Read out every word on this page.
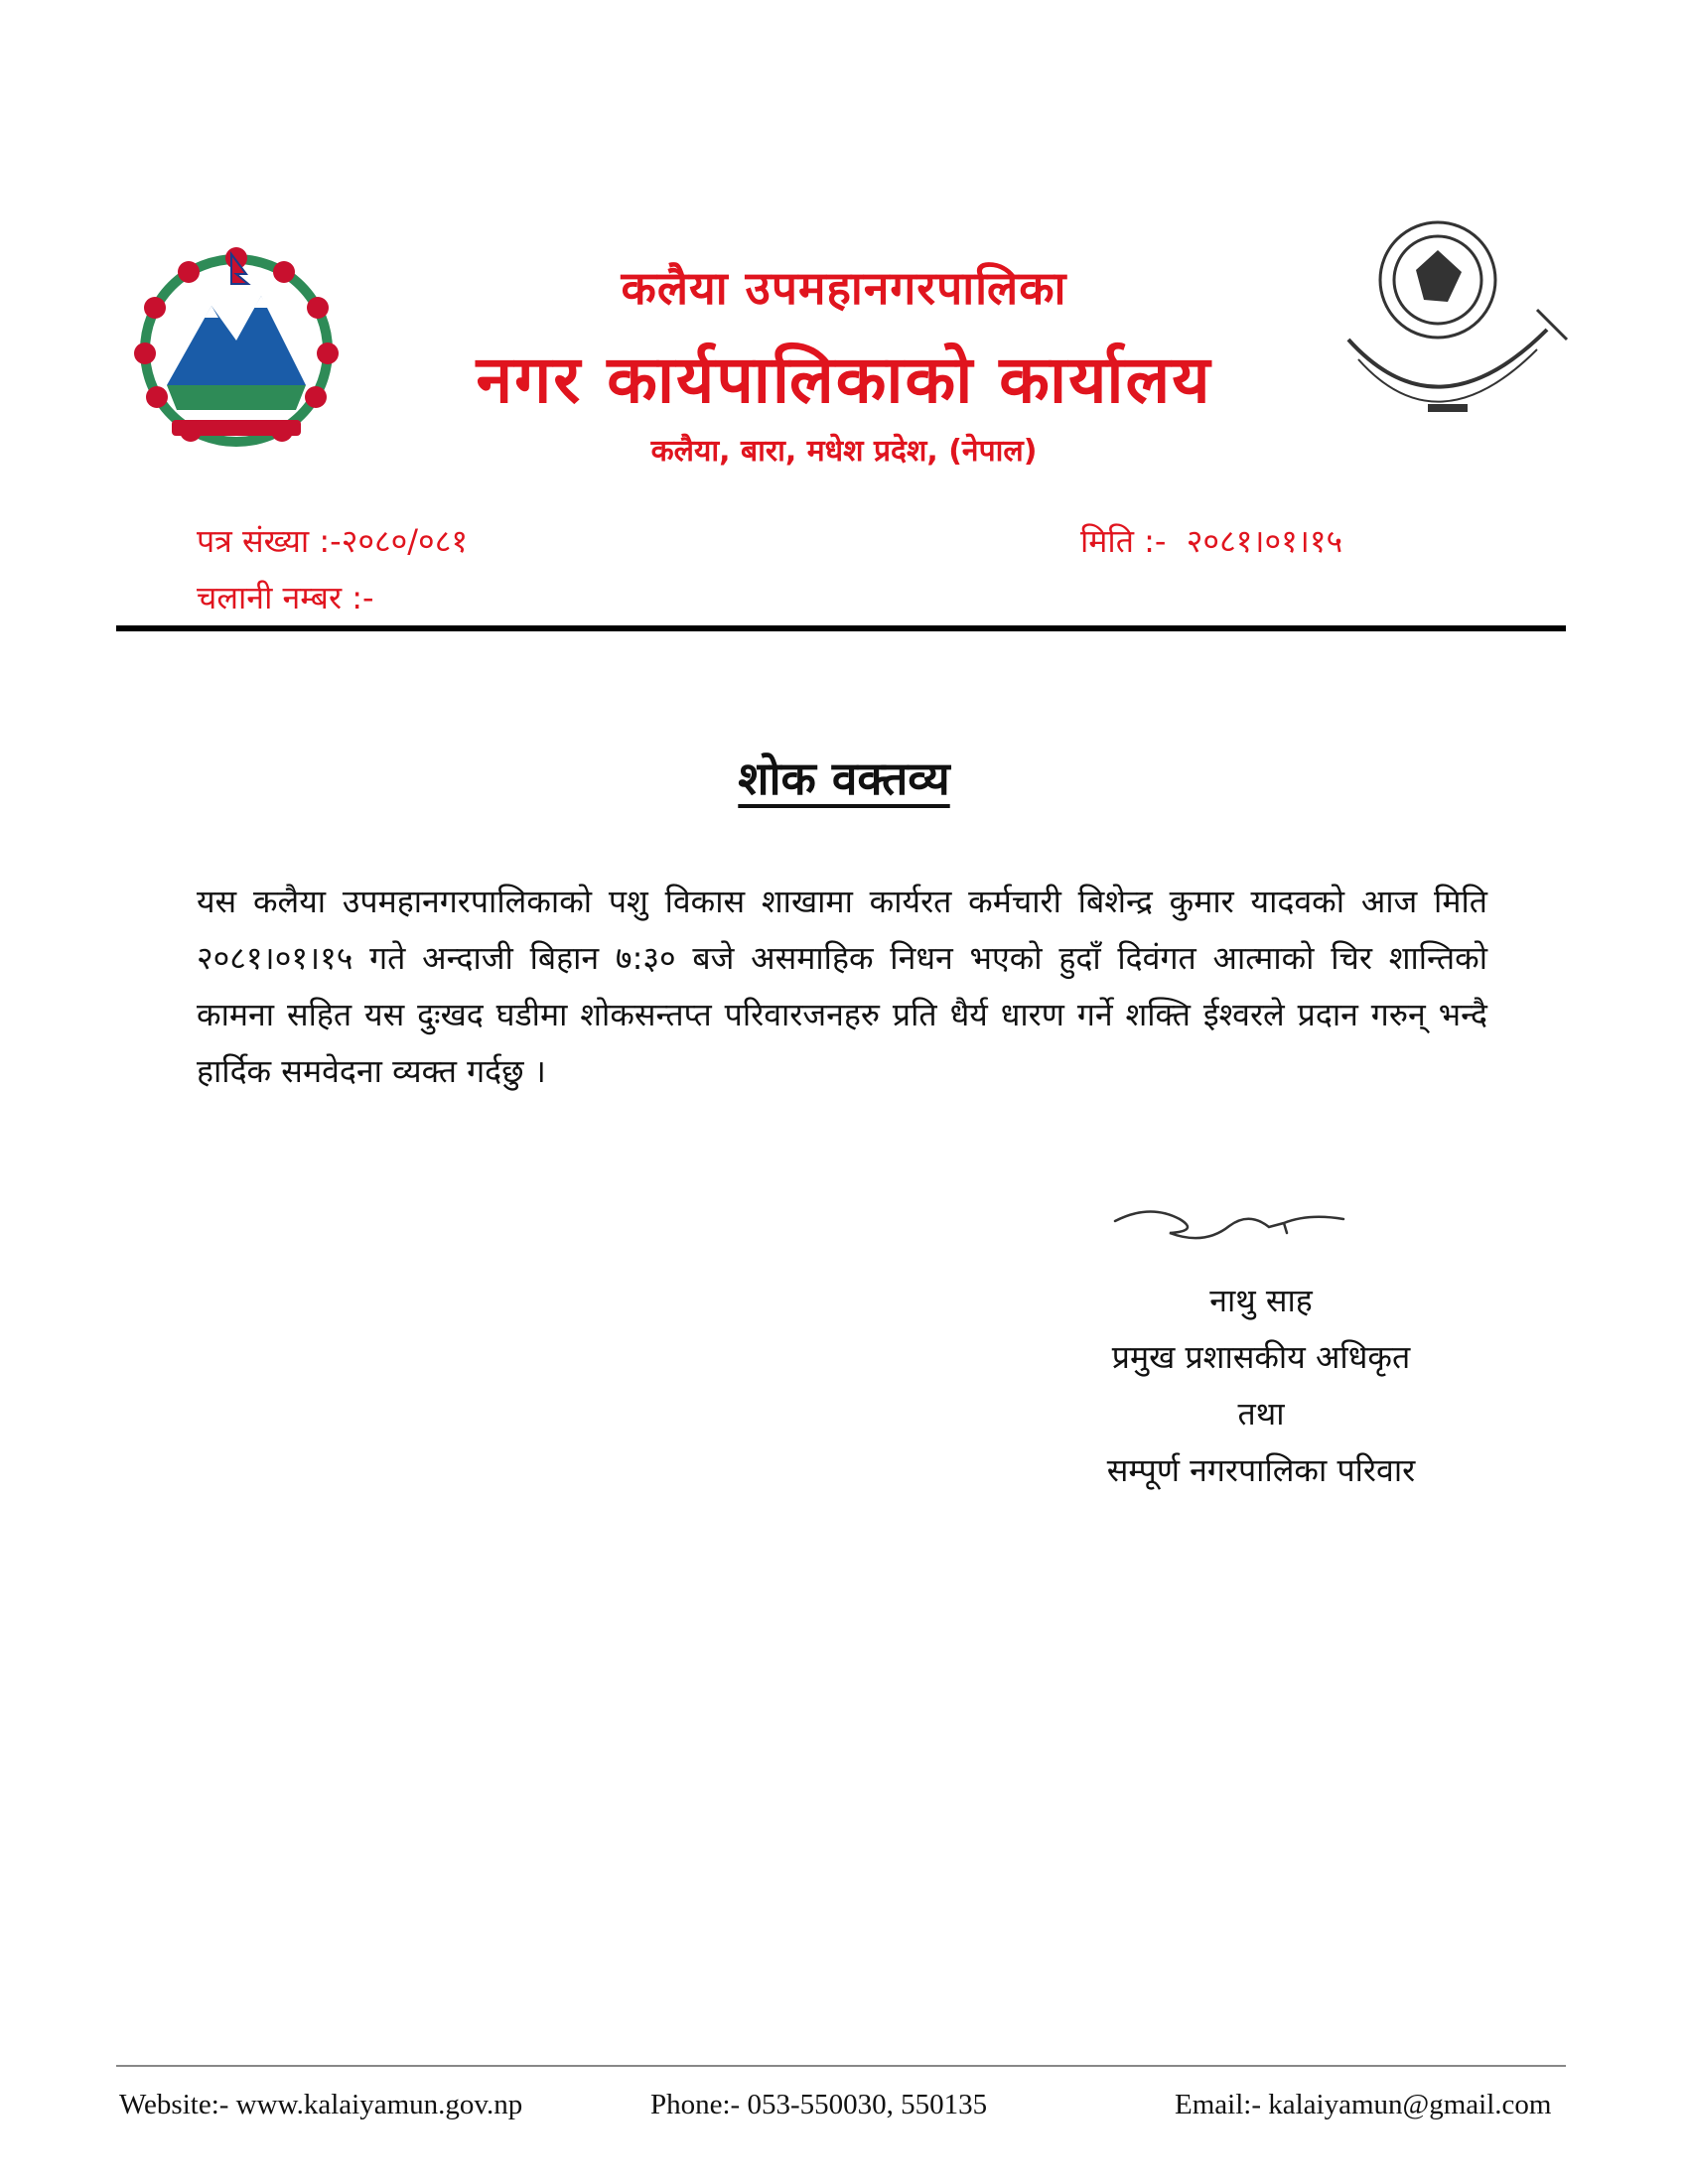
कलैया उपमहानगरपालिका
नगर कार्यपालिकाको कार्यालय
कलैया, बारा, मधेश प्रदेश, (नेपाल)
पत्र संख्या :-२०८०/०८१	मिति :- २०८१।०१।१५
चलानी नम्बर :-
शोक वक्तव्य
यस कलैया उपमहानगरपालिकाको पशु विकास शाखामा कार्यरत कर्मचारी बिशेन्द्र कुमार यादवको आज मिति २०८१।०१।१५ गते अन्दाजी बिहान ७:३० बजे असमाहिक निधन भएको हुदाँ दिवंगत आत्माको चिर शान्तिको कामना सहित यस दुःखद घडीमा शोकसन्तप्त परिवारजनहरु प्रति धैर्य धारण गर्ने शक्ति ईश्वरले प्रदान गरुन् भन्दै हार्दिक समवेदना व्यक्त गर्दछु ।
नाथु साह
प्रमुख प्रशासकीय अधिकृत
तथा
सम्पूर्ण नगरपालिका परिवार
Website:- www.kalaiyamun.gov.np	Phone:- 053-550030, 550135	Email:- kalaiyamun@gmail.com
